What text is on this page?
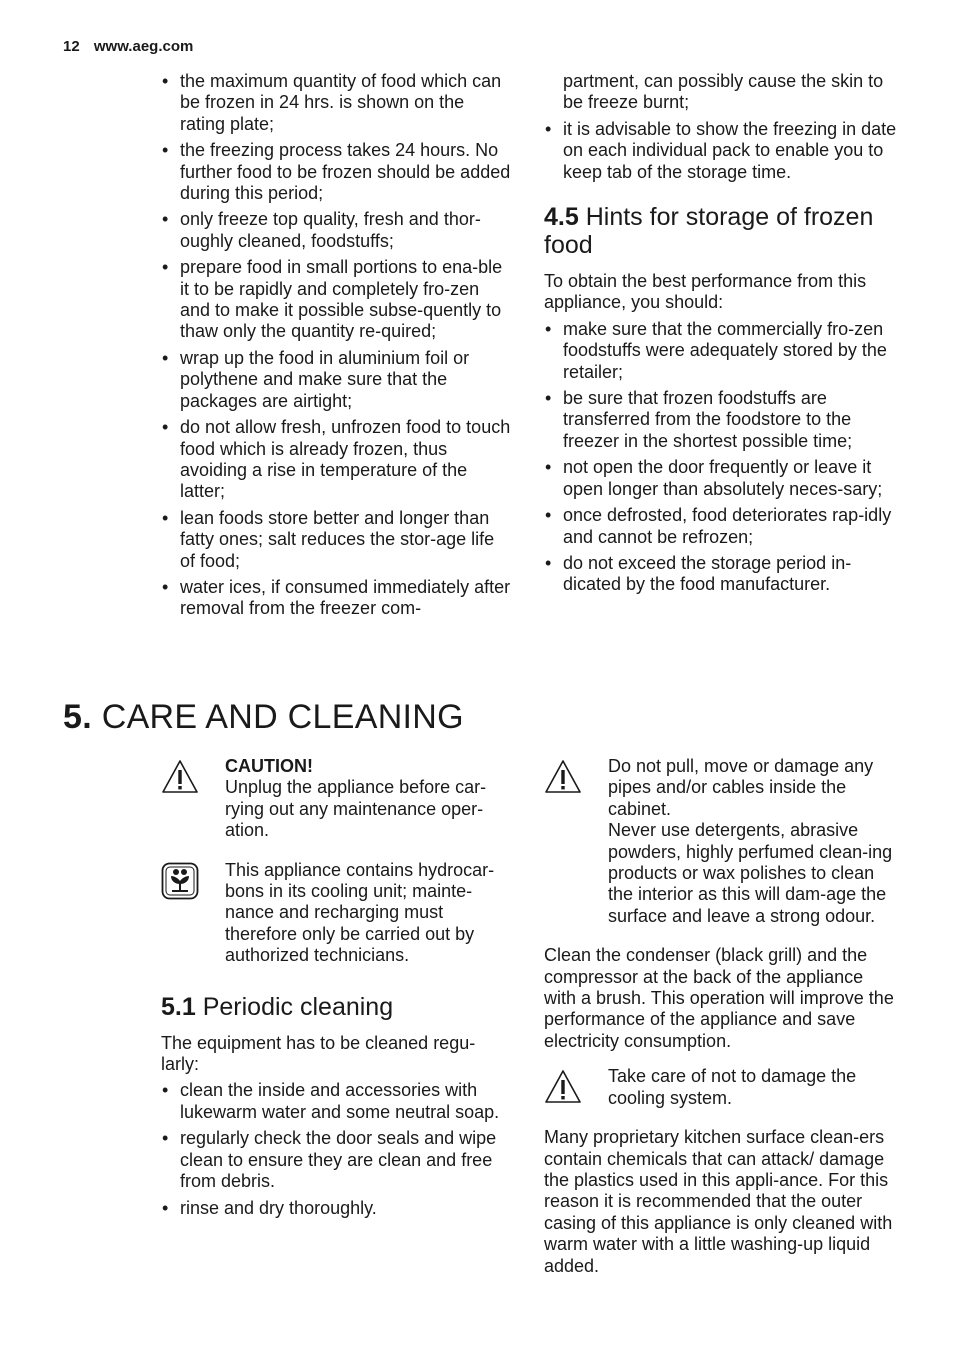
12 www.aeg.com
• the maximum quantity of food which can be frozen in 24 hrs. is shown on the rating plate;
• the freezing process takes 24 hours. No further food to be frozen should be added during this period;
• only freeze top quality, fresh and thor-oughly cleaned, foodstuffs;
• prepare food in small portions to ena-ble it to be rapidly and completely fro-zen and to make it possible subse-quently to thaw only the quantity re-quired;
• wrap up the food in aluminium foil or polythene and make sure that the packages are airtight;
• do not allow fresh, unfrozen food to touch food which is already frozen, thus avoiding a rise in temperature of the latter;
• lean foods store better and longer than fatty ones; salt reduces the stor-age life of food;
• water ices, if consumed immediately after removal from the freezer com-
partment, can possibly cause the skin to be freeze burnt;
• it is advisable to show the freezing in date on each individual pack to enable you to keep tab of the storage time.
4.5 Hints for storage of frozen food

To obtain the best performance from this appliance, you should:

• make sure that the commercially fro-zen foodstuffs were adequately stored by the retailer;
• be sure that frozen foodstuffs are transferred from the foodstore to the freezer in the shortest possible time;
• not open the door frequently or leave it open longer than absolutely neces-sary;
• once defrosted, food deteriorates rap-idly and cannot be refrozen;
• do not exceed the storage period in-dicated by the food manufacturer.
5. CARE AND CLEANING
CAUTION!
Unplug the appliance before car-rying out any maintenance oper-ation.
This appliance contains hydrocar-bons in its cooling unit; mainte-nance and recharging must therefore only be carried out by authorized technicians.
5.1 Periodic cleaning

The equipment has to be cleaned regu-larly:

• clean the inside and accessories with lukewarm water and some neutral soap.
• regularly check the door seals and wipe clean to ensure they are clean and free from debris.
• rinse and dry thoroughly.
Do not pull, move or damage any pipes and/or cables inside the cabinet.
Never use detergents, abrasive powders, highly perfumed clean-ing products or wax polishes to clean the interior as this will dam-age the surface and leave a strong odour.

Clean the condenser (black grill) and the compressor at the back of the appliance with a brush. This operation will improve the performance of the appliance and save electricity consumption.

Take care of not to damage the cooling system.

Many proprietary kitchen surface clean-ers contain chemicals that can attack/ damage the plastics used in this appli-ance. For this reason it is recommended that the outer casing of this appliance is only cleaned with warm water with a little washing-up liquid added.
